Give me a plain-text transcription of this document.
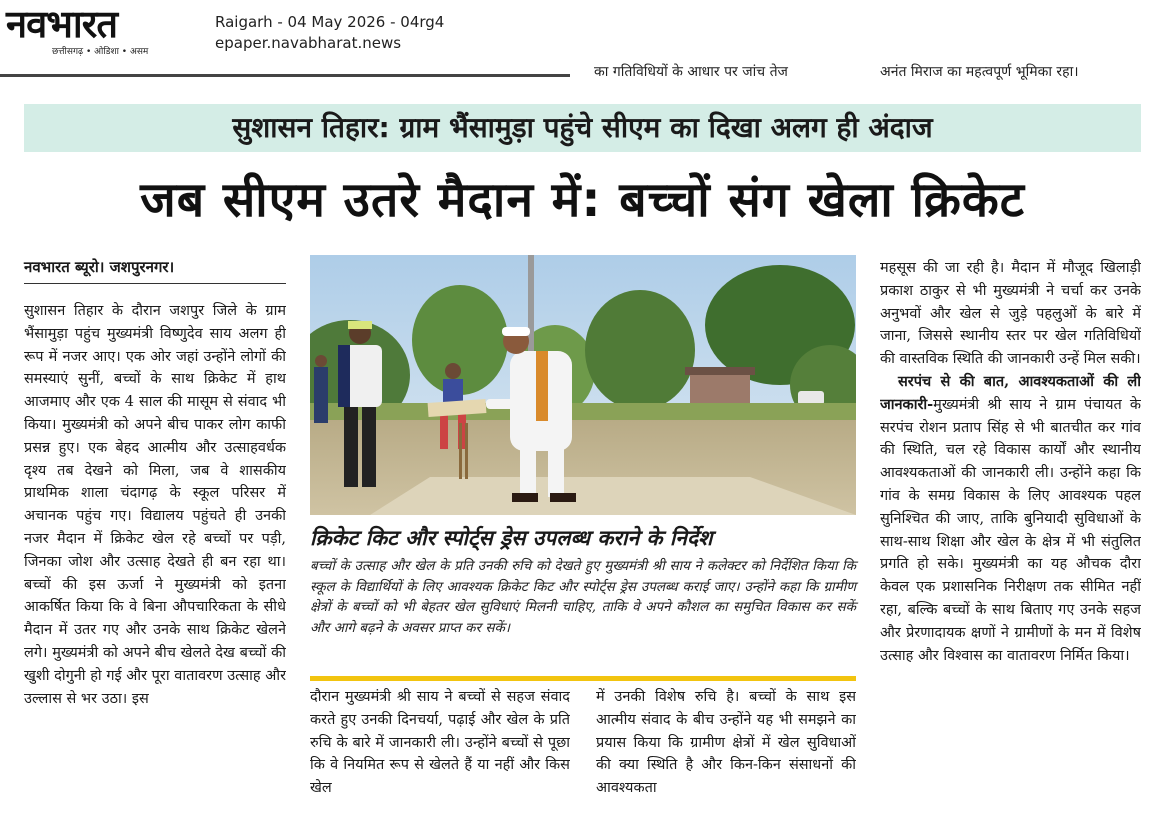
नवभारत
छत्तीसगढ़ • ओडिशा • असम
Raigarh - 04 May 2026 - 04rg4
epaper.navabharat.news
का गतिविधियों के आधार पर जांच तेज	अनंत मिराज का महत्वपूर्ण भूमिका रहा।
सुशासन तिहार: ग्राम भैंसामुड़ा पहुंचे सीएम का दिखा अलग ही अंदाज
जब सीएम उतरे मैदान में: बच्चों संग खेला क्रिकेट
नवभारत ब्यूरो। जशपुरनगर।

सुशासन तिहार के दौरान जशपुर जिले के ग्राम भैंसामुड़ा पहुंच मुख्यमंत्री विष्णुदेव साय अलग ही रूप में नजर आए। एक ओर जहां उन्होंने लोगों की समस्याएं सुनीं, बच्चों के साथ क्रिकेट में हाथ आजमाए और एक 4 साल की मासूम से संवाद भी किया। मुख्यमंत्री को अपने बीच पाकर लोग काफी प्रसन्न हुए। एक बेहद आत्मीय और उत्साहवर्धक दृश्य तब देखने को मिला, जब वे शासकीय प्राथमिक शाला चंदागढ़ के स्कूल परिसर में अचानक पहुंच गए। विद्यालय पहुंचते ही उनकी नजर मैदान में क्रिकेट खेल रहे बच्चों पर पड़ी, जिनका जोश और उत्साह देखते ही बन रहा था। बच्चों की इस ऊर्जा ने मुख्यमंत्री को इतना आकर्षित किया कि वे बिना औपचारिकता के सीधे मैदान में उतर गए और उनके साथ क्रिकेट खेलने लगे। मुख्यमंत्री को अपने बीच खेलते देख बच्चों की खुशी दोगुनी हो गई और पूरा वातावरण उत्साह और उल्लास से भर उठा। इस

क्रिकेट किट और स्पोर्ट्स ड्रेस उपलब्ध कराने के निर्देश
बच्चों के उत्साह और खेल के प्रति उनकी रुचि को देखते हुए मुख्यमंत्री श्री साय ने कलेक्टर को निर्देशित किया कि स्कूल के विद्यार्थियों के लिए आवश्यक क्रिकेट किट और स्पोर्ट्स ड्रेस उपलब्ध कराई जाए। उन्होंने कहा कि ग्रामीण क्षेत्रों के बच्चों को भी बेहतर खेल सुविधाएं मिलनी चाहिए, ताकि वे अपने कौशल का समुचित विकास कर सकें और आगे बढ़ने के अवसर प्राप्त कर सकें।

दौरान मुख्यमंत्री श्री साय ने बच्चों से सहज संवाद करते हुए उनकी दिनचर्या, पढ़ाई और खेल के प्रति रुचि के बारे में जानकारी ली। उन्होंने बच्चों से पूछा कि वे नियमित रूप से खेलते हैं या नहीं और किस खेल

में उनकी विशेष रुचि है। बच्चों के साथ इस आत्मीय संवाद के बीच उन्होंने यह भी समझने का प्रयास किया कि ग्रामीण क्षेत्रों में खेल सुविधाओं की क्या स्थिति है और किन-किन संसाधनों की आवश्यकता

महसूस की जा रही है। मैदान में मौजूद खिलाड़ी प्रकाश ठाकुर से भी मुख्यमंत्री ने चर्चा कर उनके अनुभवों और खेल से जुड़े पहलुओं के बारे में जाना, जिससे स्थानीय स्तर पर खेल गतिविधियों की वास्तविक स्थिति की जानकारी उन्हें मिल सकी।

सरपंच से की बात, आवश्यकताओं की ली जानकारी-मुख्यमंत्री श्री साय ने ग्राम पंचायत के सरपंच रोशन प्रताप सिंह से भी बातचीत कर गांव की स्थिति, चल रहे विकास कार्यों और स्थानीय आवश्यकताओं की जानकारी ली। उन्होंने कहा कि गांव के समग्र विकास के लिए आवश्यक पहल सुनिश्चित की जाए, ताकि बुनियादी सुविधाओं के साथ-साथ शिक्षा और खेल के क्षेत्र में भी संतुलित प्रगति हो सके। मुख्यमंत्री का यह औचक दौरा केवल एक प्रशासनिक निरीक्षण तक सीमित नहीं रहा, बल्कि बच्चों के साथ बिताए गए उनके सहज और प्रेरणादायक क्षणों ने ग्रामीणों के मन में विशेष उत्साह और विश्वास का वातावरण निर्मित किया।
